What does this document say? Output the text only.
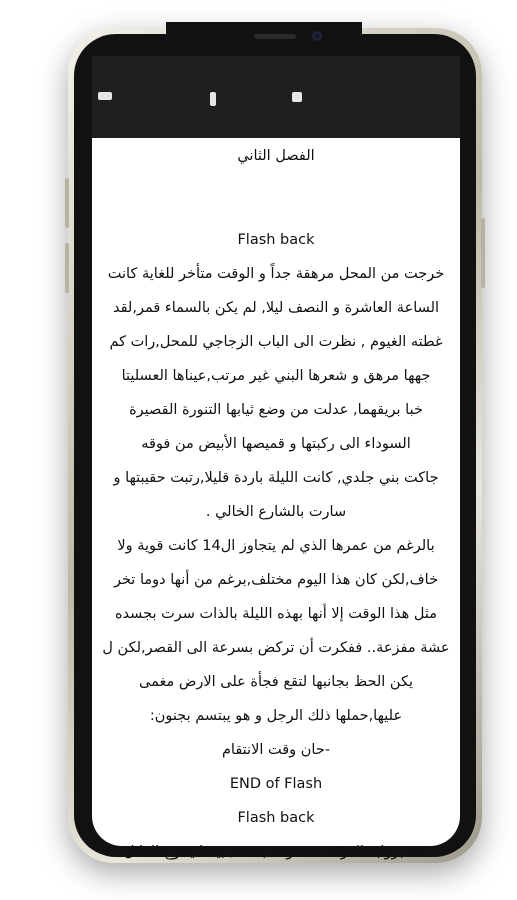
الفصل الثاني
Flash back
خرجت من المحل مرهقة جداً و الوقت متأخر للغاية كانت
الساعة العاشرة و النصف ليلا, لم يكن بالسماء قمر,لقد
غطته الغيوم , نظرت الى الباب الزجاجي للمحل,رات كم
جهها مرهق و شعرها البني غير مرتب,عيناها العسليتا
خبا بريقهما, عدلت من وضع ثيابها التنورة القصيرة
السوداء الى ركبتها و قميصها الأبيض من فوقه
جاكت بني جلدي, كانت الليلة باردة قليلا,رتبت حقيبتها و
سارت بالشارع الخالي .
بالرغم من عمرها الذي لم يتجاوز ال14 كانت قوية ولا
خاف,لكن كان هذا اليوم مختلف,برغم من أنها دوما تخر
مثل هذا الوقت إلا أنها بهذه الليلة بالذات سرت بجسده
عشة مفزعة.. ففكرت أن تركض بسرعة الى القصر,لكن ل
يكن الحظ بجانبها لتقع فجأة على الارض مغمى
عليها,حملها ذلك الرجل و هو يبتسم بجنون:
-حان وقت الانتقام
END of Flash
Flash back
سة بزوابة الغرفة مصدومة بشدة, بينما يخرج القاتل
